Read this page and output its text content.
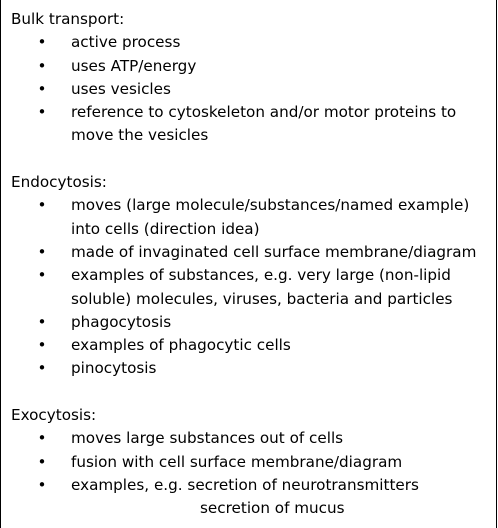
Bulk transport:

• active process
• uses ATP/energy
• uses vesicles
• reference to cytoskeleton and/or motor proteins to move the vesicles

Endocytosis:

• moves (large molecule/substances/named example) into cells (direction idea)
• made of invaginated cell surface membrane/diagram
• examples of substances, e.g. very large (non-lipid soluble) molecules, viruses, bacteria and particles
• phagocytosis
• examples of phagocytic cells
• pinocytosis

Exocytosis:

• moves large substances out of cells
• fusion with cell surface membrane/diagram
• examples, e.g. secretion of neurotransmitters
secretion of mucus
